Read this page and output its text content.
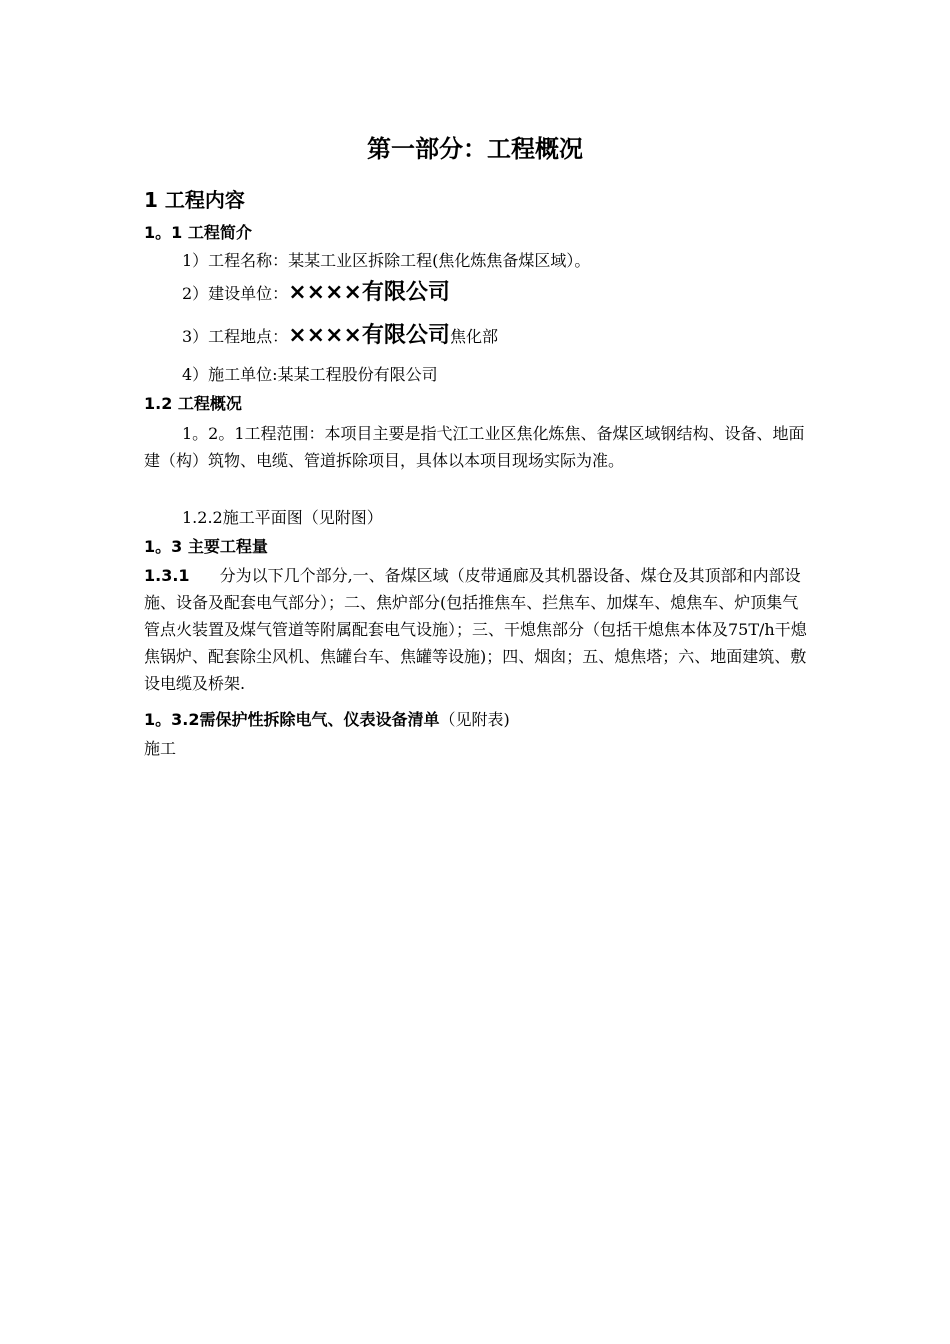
第一部分：工程概况
1 工程内容
1。1 工程简介
1）工程名称：某某工业区拆除工程(焦化炼焦备煤区域）。
2）建设单位：××××有限公司
3）工程地点：××××有限公司焦化部
4）施工单位:某某工程股份有限公司
1.2 工程概况
1。2。1工程范围：本项目主要是指弋江工业区焦化炼焦、备煤区域钢结构、设备、地面建（构）筑物、电缆、管道拆除项目，具体以本项目现场实际为准。
1.2.2施工平面图（见附图）
1。3 主要工程量
1.3.1 分为以下几个部分,一、备煤区域（皮带通廊及其机器设备、煤仓及其顶部和内部设施、设备及配套电气部分）；二、焦炉部分(包括推焦车、拦焦车、加煤车、熄焦车、炉顶集气管点火装置及煤气管道等附属配套电气设施）；三、干熄焦部分（包括干熄焦本体及75T/h干熄焦锅炉、配套除尘风机、焦罐台车、焦罐等设施)；四、烟囱；五、熄焦塔；六、地面建筑、敷设电缆及桥架.
1。3.2需保护性拆除电气、仪表设备清单（见附表)
施工
